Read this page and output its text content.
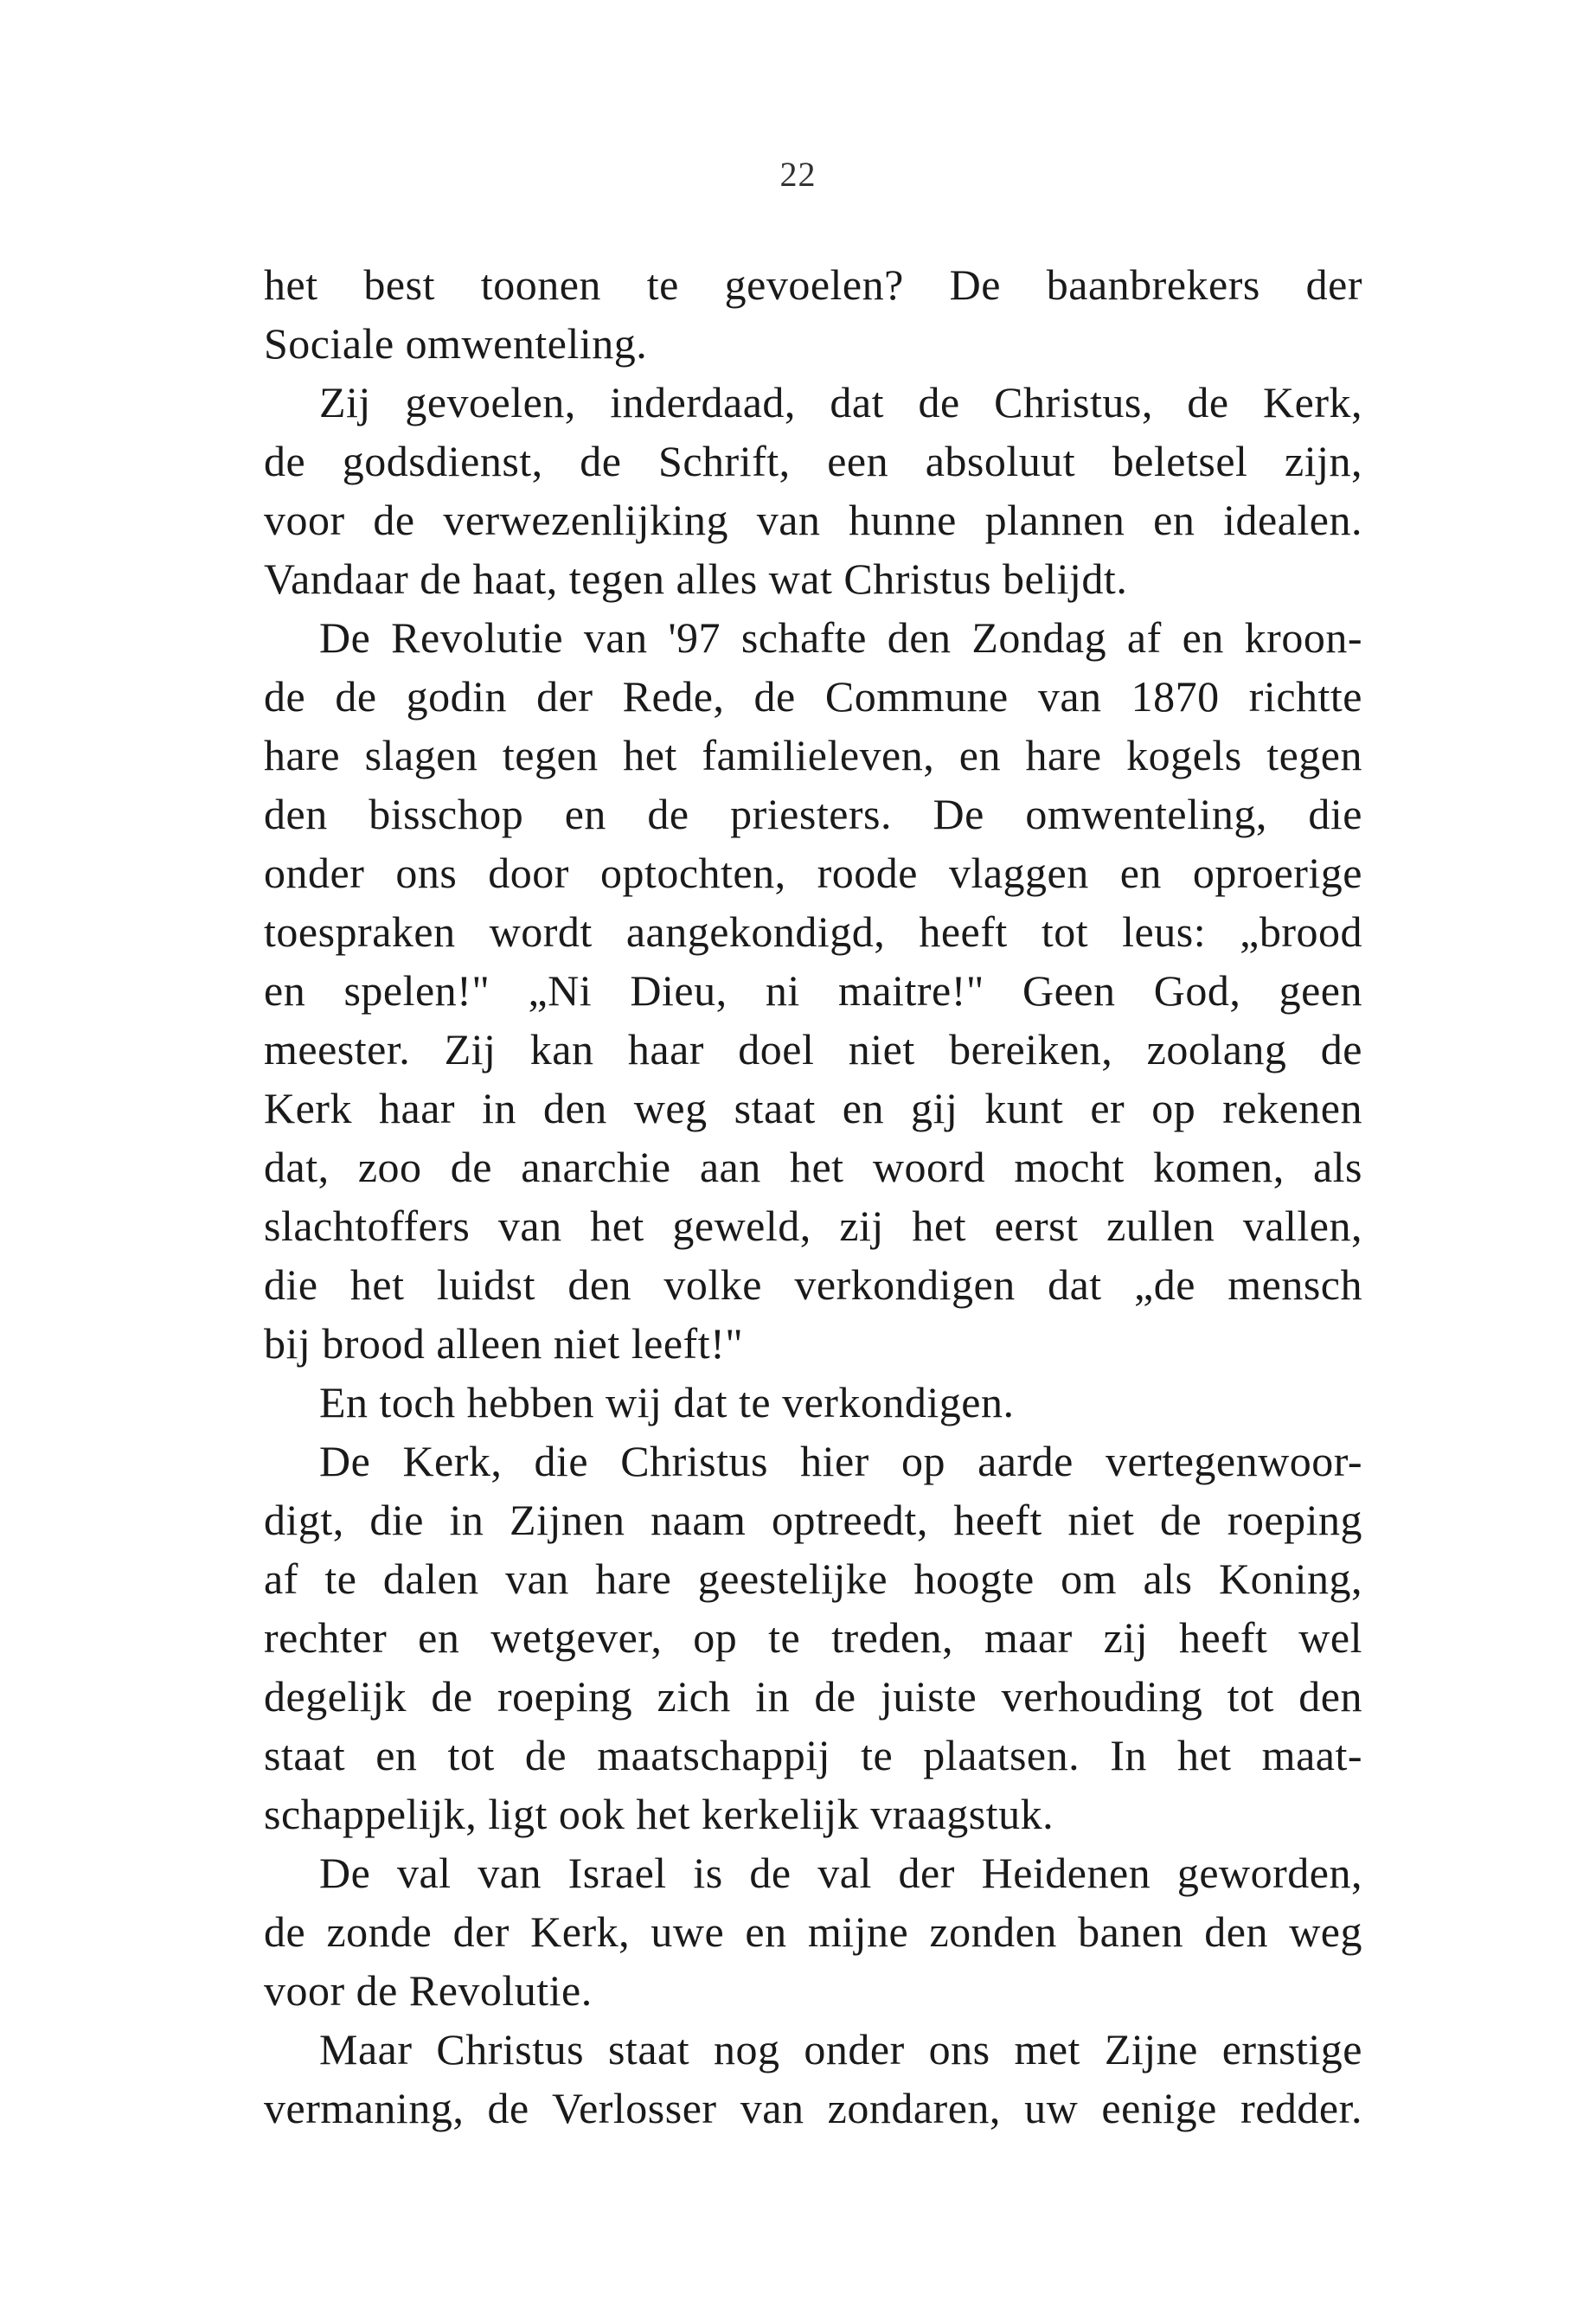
22
het best toonen te gevoelen? De baanbrekers der
Sociale omwenteling.
Zij gevoelen, inderdaad, dat de Christus, de Kerk,
de godsdienst, de Schrift, een absoluut beletsel zijn,
voor de verwezenlijking van hunne plannen en idealen.
Vandaar de haat, tegen alles wat Christus belijdt.
De Revolutie van '97 schafte den Zondag af en kroon-
de de godin der Rede, de Commune van 1870 richtte
hare slagen tegen het familieleven, en hare kogels tegen
den bisschop en de priesters. De omwenteling, die
onder ons door optochten, roode vlaggen en oproerige
toespraken wordt aangekondigd, heeft tot leus: „brood
en spelen!" „Ni Dieu, ni maitre!" Geen God, geen
meester. Zij kan haar doel niet bereiken, zoolang de
Kerk haar in den weg staat en gij kunt er op rekenen
dat, zoo de anarchie aan het woord mocht komen, als
slachtoffers van het geweld, zij het eerst zullen vallen,
die het luidst den volke verkondigen dat „de mensch
bij brood alleen niet leeft!"
En toch hebben wij dat te verkondigen.
De Kerk, die Christus hier op aarde vertegenwoor-
digt, die in Zijnen naam optreedt, heeft niet de roeping
af te dalen van hare geestelijke hoogte om als Koning,
rechter en wetgever, op te treden, maar zij heeft wel
degelijk de roeping zich in de juiste verhouding tot den
staat en tot de maatschappij te plaatsen. In het maat-
schappelijk, ligt ook het kerkelijk vraagstuk.
De val van Israel is de val der Heidenen geworden,
de zonde der Kerk, uwe en mijne zonden banen den weg
voor de Revolutie.
Maar Christus staat nog onder ons met Zijne ernstige
vermaning, de Verlosser van zondaren, uw eenige redder.
